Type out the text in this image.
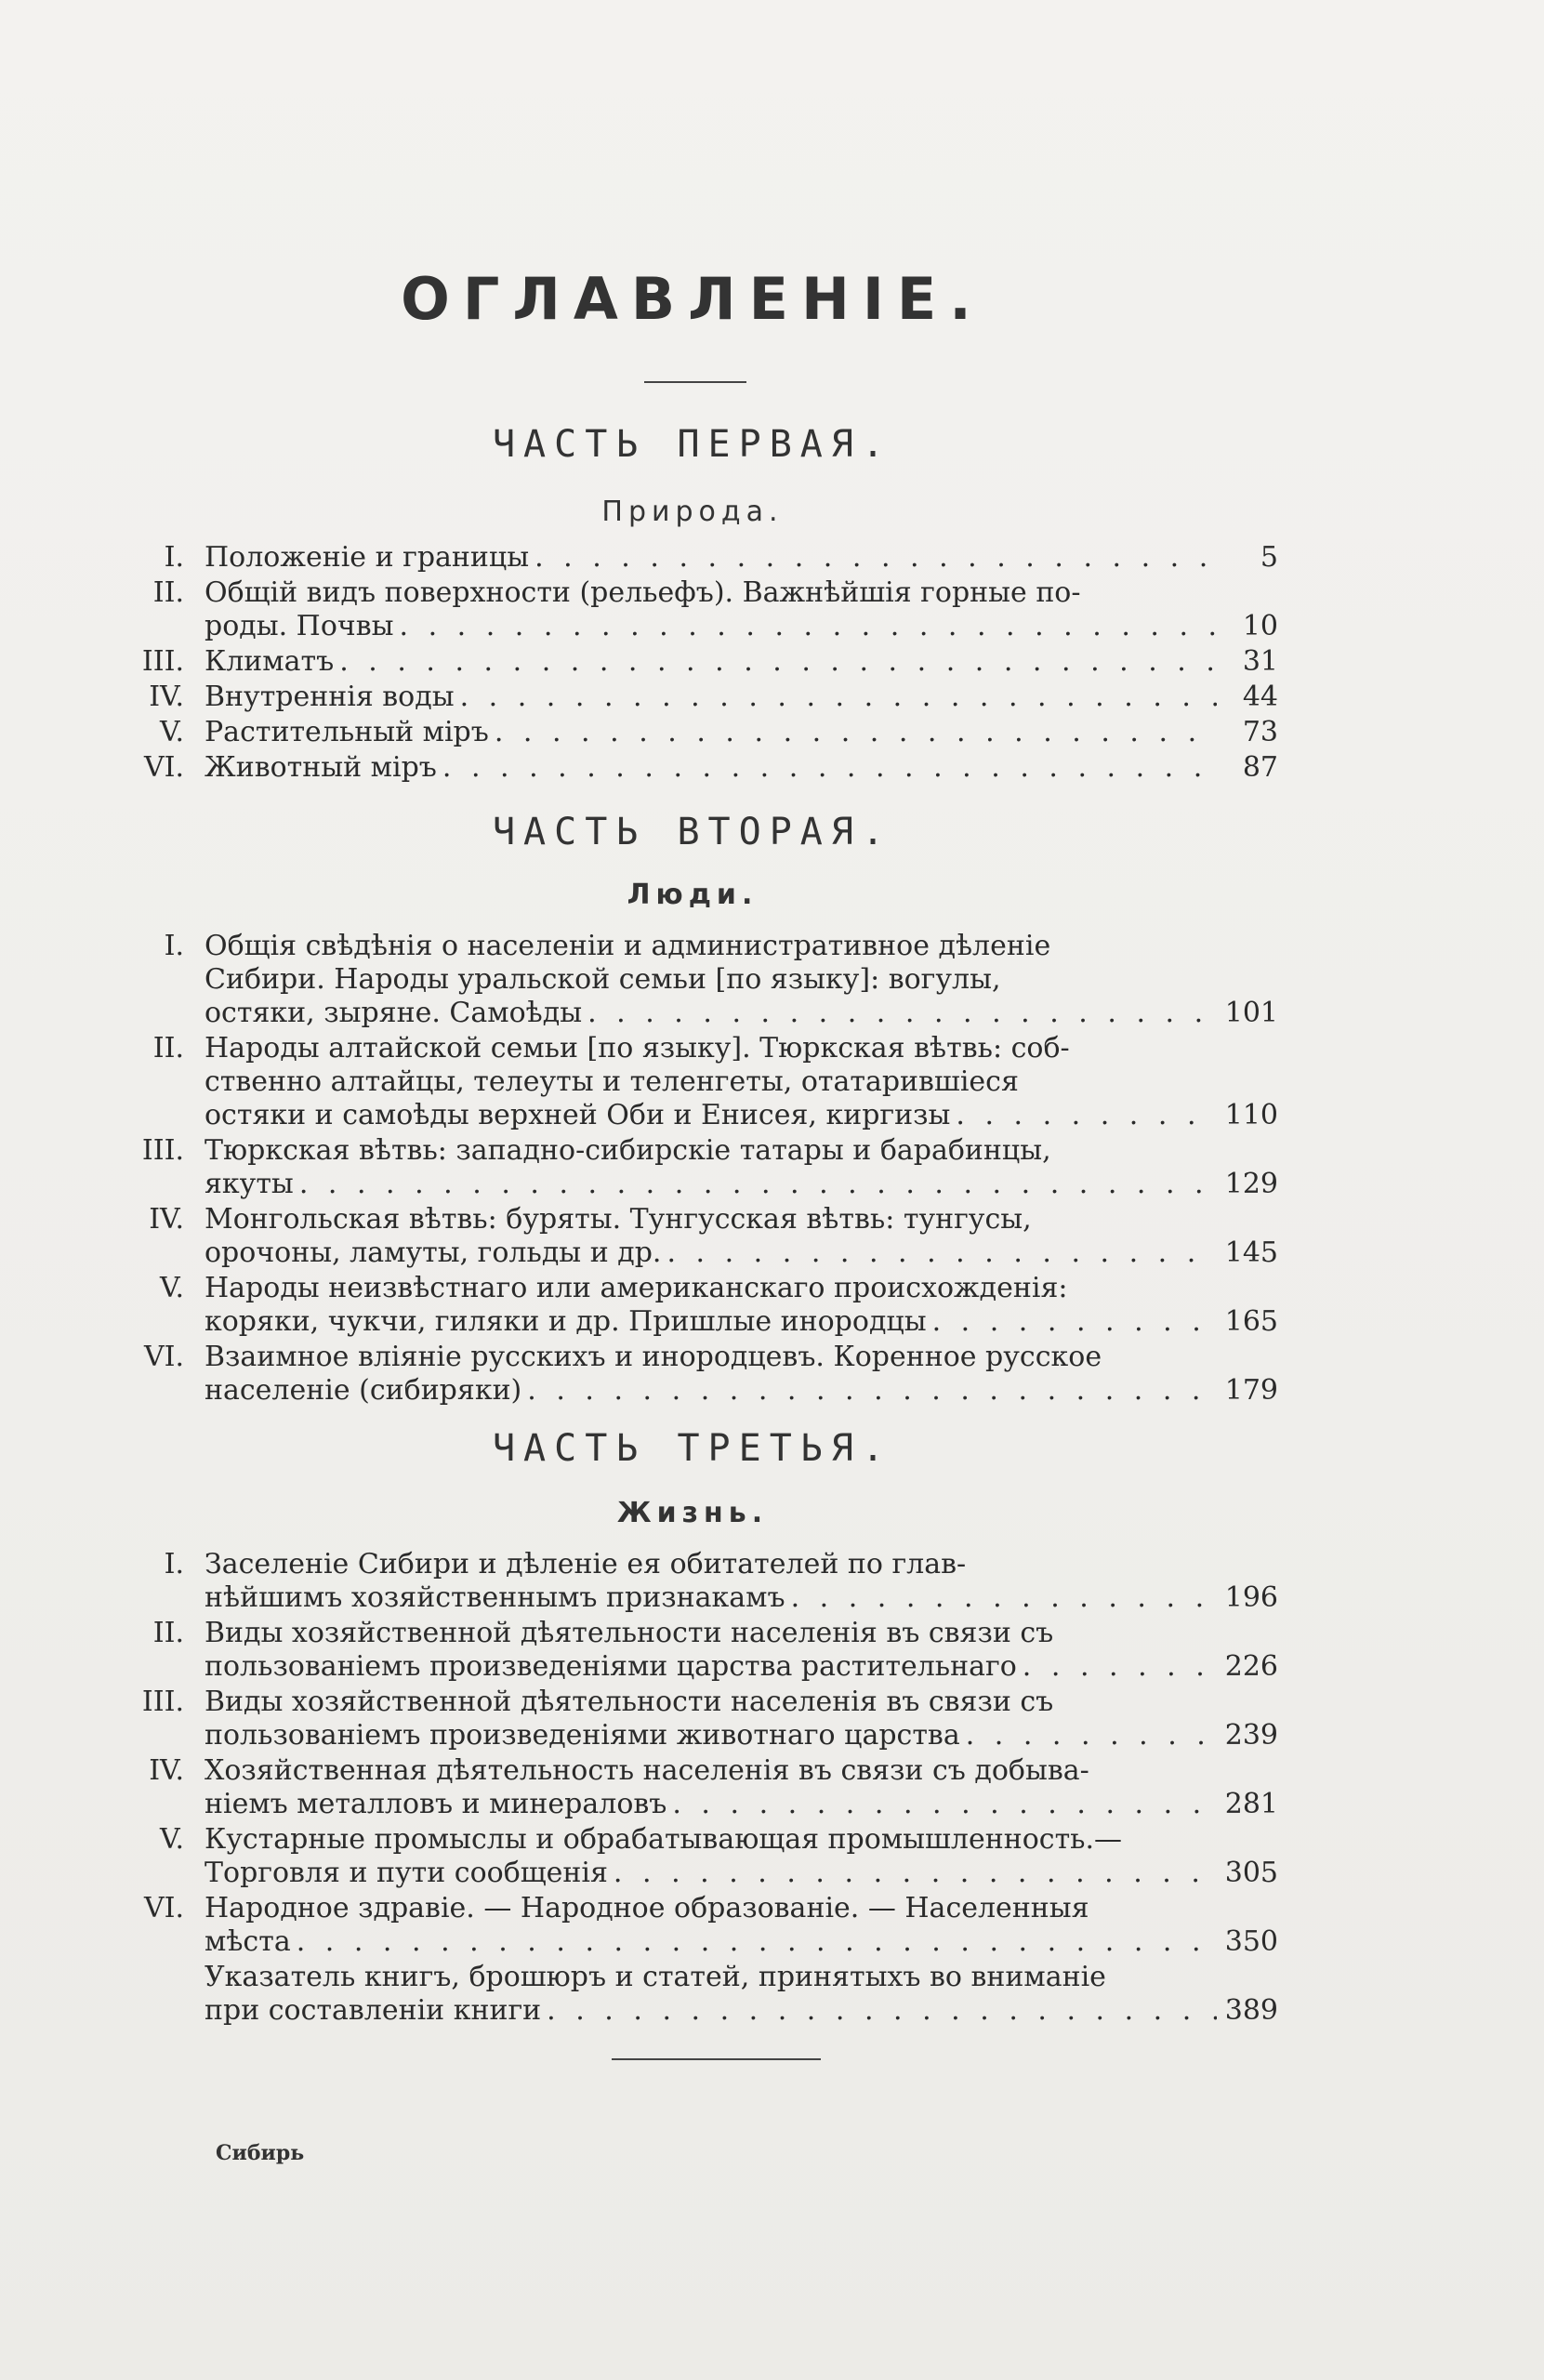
ОГЛАВЛЕНІЕ.
ЧАСТЬ ПЕРВАЯ.
Природа.
I. Положеніе и границы . . .	5
II. Общій видъ поверхности (рельефъ). Важнѣйшія горные по-
роды. Почвы . . .	10
III. Климатъ . . .	31
IV. Внутреннія воды . . .	44
V. Растительный міръ . . .	73
VI. Животный міръ . . .	87
ЧАСТЬ ВТОРАЯ.
Люди.
I. Общія свѣдѣнія о населеніи и административное дѣленіе
Сибири. Народы уральской семьи [по языку]: вогулы,
остяки, зыряне. Самоѣды . . .	101
II. Народы алтайской семьи [по языку]. Тюркская вѣтвь: соб-
ственно алтайцы, телеуты и теленгеты, отатарившіеся
остяки и самоѣды верхней Оби и Енисея, киргизы . . .	110
III. Тюркская вѣтвь: западно-сибирскіе татары и барабинцы,
якуты . . .	129
IV. Монгольская вѣтвь: буряты. Тунгусская вѣтвь: тунгусы,
орочоны, ламуты, гольды и др. . . .	145
V. Народы неизвѣстнаго или американскаго происхожденія:
коряки, чукчи, гиляки и др. Пришлые инородцы . . .	165
VI. Взаимное вліяніе русскихъ и инородцевъ. Коренное русское
населеніе (сибиряки) . . .	179
ЧАСТЬ ТРЕТЬЯ.
Жизнь.
I. Заселеніе Сибири и дѣленіе ея обитателей по глав-
нѣйшимъ хозяйственнымъ признакамъ . . .	196
II. Виды хозяйственной дѣятельности населенія въ связи съ
пользованіемъ произведеніями царства растительнаго . . .	226
III. Виды хозяйственной дѣятельности населенія въ связи съ
пользованіемъ произведеніями животнаго царства . . .	239
IV. Хозяйственная дѣятельность населенія въ связи съ добыва-
ніемъ металловъ и минераловъ . . .	281
V. Кустарные промыслы и обрабатывающая промышленность.—
Торговля и пути сообщенія . . .	305
VI. Народное здравіе. — Народное образованіе. — Населенныя
мѣста . . .	350
Указатель книгъ, брошюръ и статей, принятыхъ во вниманіе
при составленіи книги . . .	389
Сибирь
